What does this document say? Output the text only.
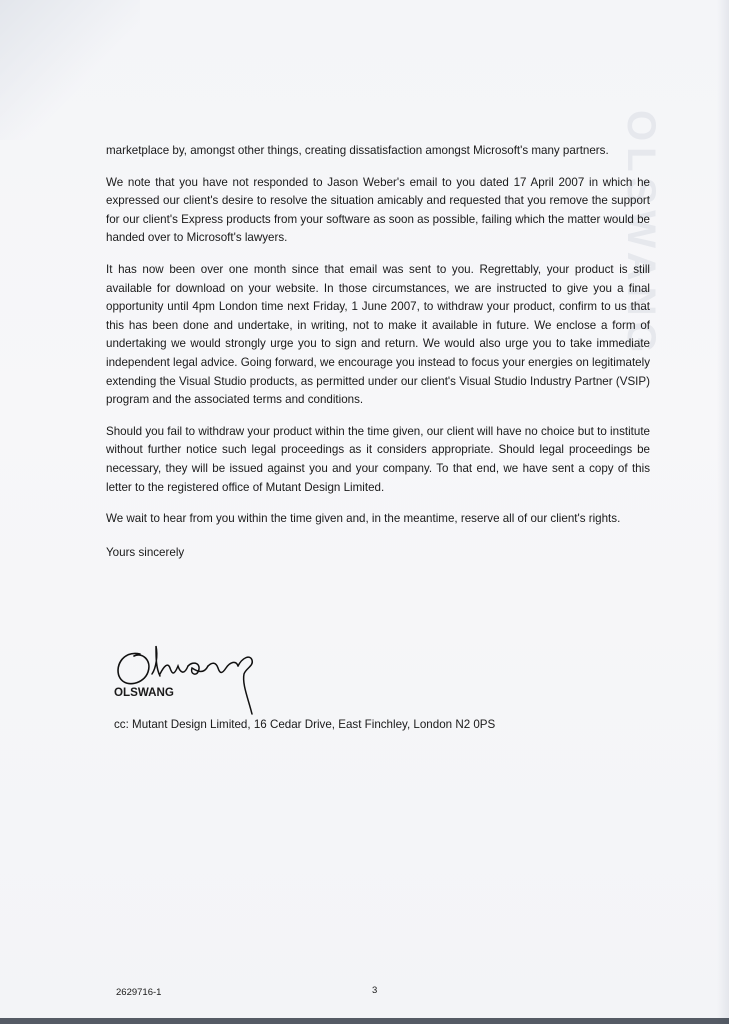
OLSWANG

marketplace by, amongst other things, creating dissatisfaction amongst Microsoft's many partners.

We note that you have not responded to Jason Weber's email to you dated 17 April 2007 in which he expressed our client's desire to resolve the situation amicably and requested that you remove the support for our client's Express products from your software as soon as possible, failing which the matter would be handed over to Microsoft's lawyers.

It has now been over one month since that email was sent to you. Regrettably, your product is still available for download on your website. In those circumstances, we are instructed to give you a final opportunity until 4pm London time next Friday, 1 June 2007, to withdraw your product, confirm to us that this has been done and undertake, in writing, not to make it available in future. We enclose a form of undertaking we would strongly urge you to sign and return. We would also urge you to take immediate independent legal advice. Going forward, we encourage you instead to focus your energies on legitimately extending the Visual Studio products, as permitted under our client's Visual Studio Industry Partner (VSIP) program and the associated terms and conditions.

Should you fail to withdraw your product within the time given, our client will have no choice but to institute without further notice such legal proceedings as it considers appropriate. Should legal proceedings be necessary, they will be issued against you and your company. To that end, we have sent a copy of this letter to the registered office of Mutant Design Limited.

We wait to hear from you within the time given and, in the meantime, reserve all of our client's rights.

Yours sincerely

OLSWANG
cc: Mutant Design Limited, 16 Cedar Drive, East Finchley, London N2 0PS
2629716-1	3
